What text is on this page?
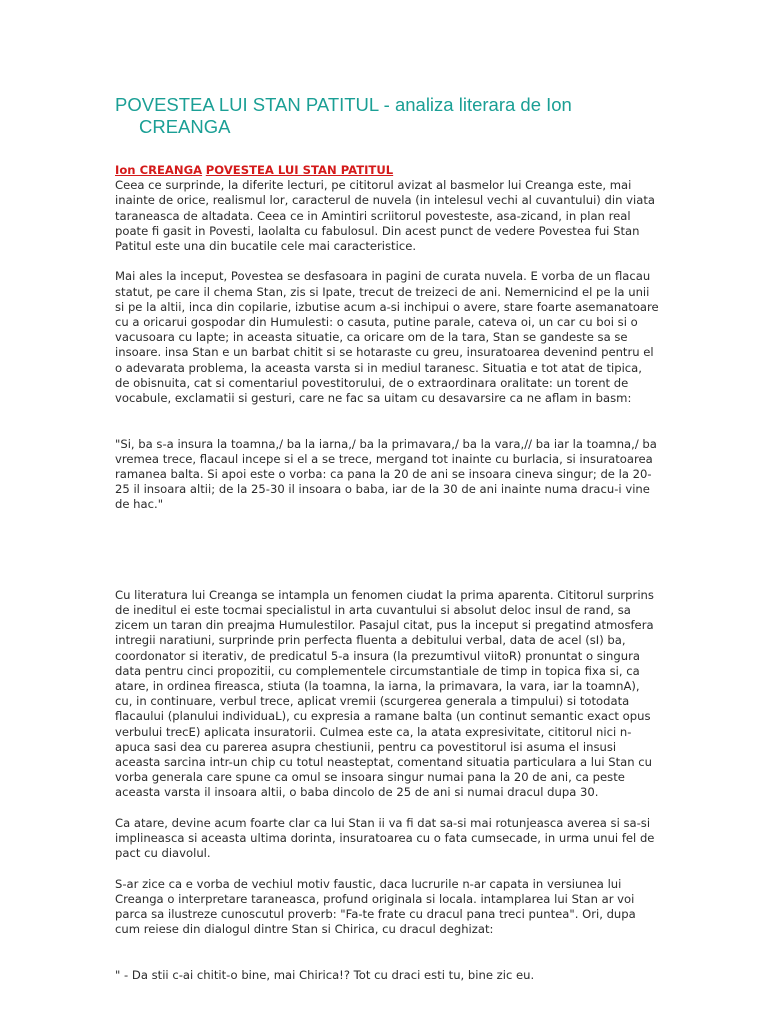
POVESTEA LUI STAN PATITUL - analiza literara de Ion
CREANGA
Ion CREANGA POVESTEA LUI STAN PATITUL

Ceea ce surprinde, la diferite lecturi, pe cititorul avizat al basmelor lui Creanga este, mai inainte de orice, realismul lor, caracterul de nuvela (in intelesul vechi al cuvantului) din viata taraneasca de altadata. Ceea ce in Amintiri scriitorul povesteste, asa-zicand, in plan real poate fi gasit in Povesti, laolalta cu fabulosul. Din acest punct de vedere Povestea fui Stan Patitul este una din bucatile cele mai caracteristice.

Mai ales la inceput, Povestea se desfasoara in pagini de curata nuvela. E vorba de un flacau statut, pe care il chema Stan, zis si Ipate, trecut de treizeci de ani. Nemernicind el pe la unii si pe la altii, inca din copilarie, izbutise acum a-si inchipui o avere, stare foarte asemanatoare cu a oricarui gospodar din Humulesti: o casuta, putine parale, cateva oi, un car cu boi si o vacusoara cu lapte; in aceasta situatie, ca oricare om de la tara, Stan se gandeste sa se insoare. insa Stan e un barbat chitit si se hotaraste cu greu, insuratoarea devenind pentru el o adevarata problema, la aceasta varsta si in mediul taranesc. Situatia e tot atat de tipica, de obisnuita, cat si comentariul povestitorului, de o extraordinara oralitate: un torent de vocabule, exclamatii si gesturi, care ne fac sa uitam cu desavarsire ca ne aflam in basm:

"Si, ba s-a insura la toamna,/ ba la iarna,/ ba la primavara,/ ba la vara,// ba iar la toamna,/ ba vremea trece, flacaul incepe si el a se trece, mergand tot inainte cu burlacia, si insuratoarea ramanea balta. Si apoi este o vorba: ca pana la 20 de ani se insoara cineva singur; de la 20-25 il insoara altii; de la 25-30 il insoara o baba, iar de la 30 de ani inainte numa dracu-i vine de hac."

Cu literatura lui Creanga se intampla un fenomen ciudat la prima aparenta. Cititorul surprins de ineditul ei este tocmai specialistul in arta cuvantului si absolut deloc insul de rand, sa zicem un taran din preajma Humulestilor. Pasajul citat, pus la inceput si pregatind atmosfera intregii naratiuni, surprinde prin perfecta fluenta a debitului verbal, data de acel (sI) ba, coordonator si iterativ, de predicatul 5-a insura (la prezumtivul viitoR) pronuntat o singura data pentru cinci propozitii, cu complementele circumstantiale de timp in topica fixa si, ca atare, in ordinea fireasca, stiuta (la toamna, la iarna, la primavara, la vara, iar la toamnA), cu, in continuare, verbul trece, aplicat vremii (scurgerea generala a timpului) si totodata flacaului (planului individuaL), cu expresia a ramane balta (un continut semantic exact opus verbului trecE) aplicata insuratorii. Culmea este ca, la atata expresivitate, cititorul nici n-apuca sasi dea cu parerea asupra chestiunii, pentru ca povestitorul isi asuma el insusi aceasta sarcina intr-un chip cu totul neasteptat, comentand situatia particulara a lui Stan cu vorba generala care spune ca omul se insoara singur numai pana la 20 de ani, ca peste aceasta varsta il insoara altii, o baba dincolo de 25 de ani si numai dracul dupa 30.

Ca atare, devine acum foarte clar ca lui Stan ii va fi dat sa-si mai rotunjeasca averea si sa-si implineasca si aceasta ultima dorinta, insuratoarea cu o fata cumsecade, in urma unui fel de pact cu diavolul.

S-ar zice ca e vorba de vechiul motiv faustic, daca lucrurile n-ar capata in versiunea lui Creanga o interpretare taraneasca, profund originala si locala. intamplarea lui Stan ar voi parca sa ilustreze cunoscutul proverb: "Fa-te frate cu dracul pana treci puntea". Ori, dupa cum reiese din dialogul dintre Stan si Chirica, cu dracul deghizat:

" - Da stii c-ai chitit-o bine, mai Chirica!? Tot cu draci esti tu, bine zic eu.
